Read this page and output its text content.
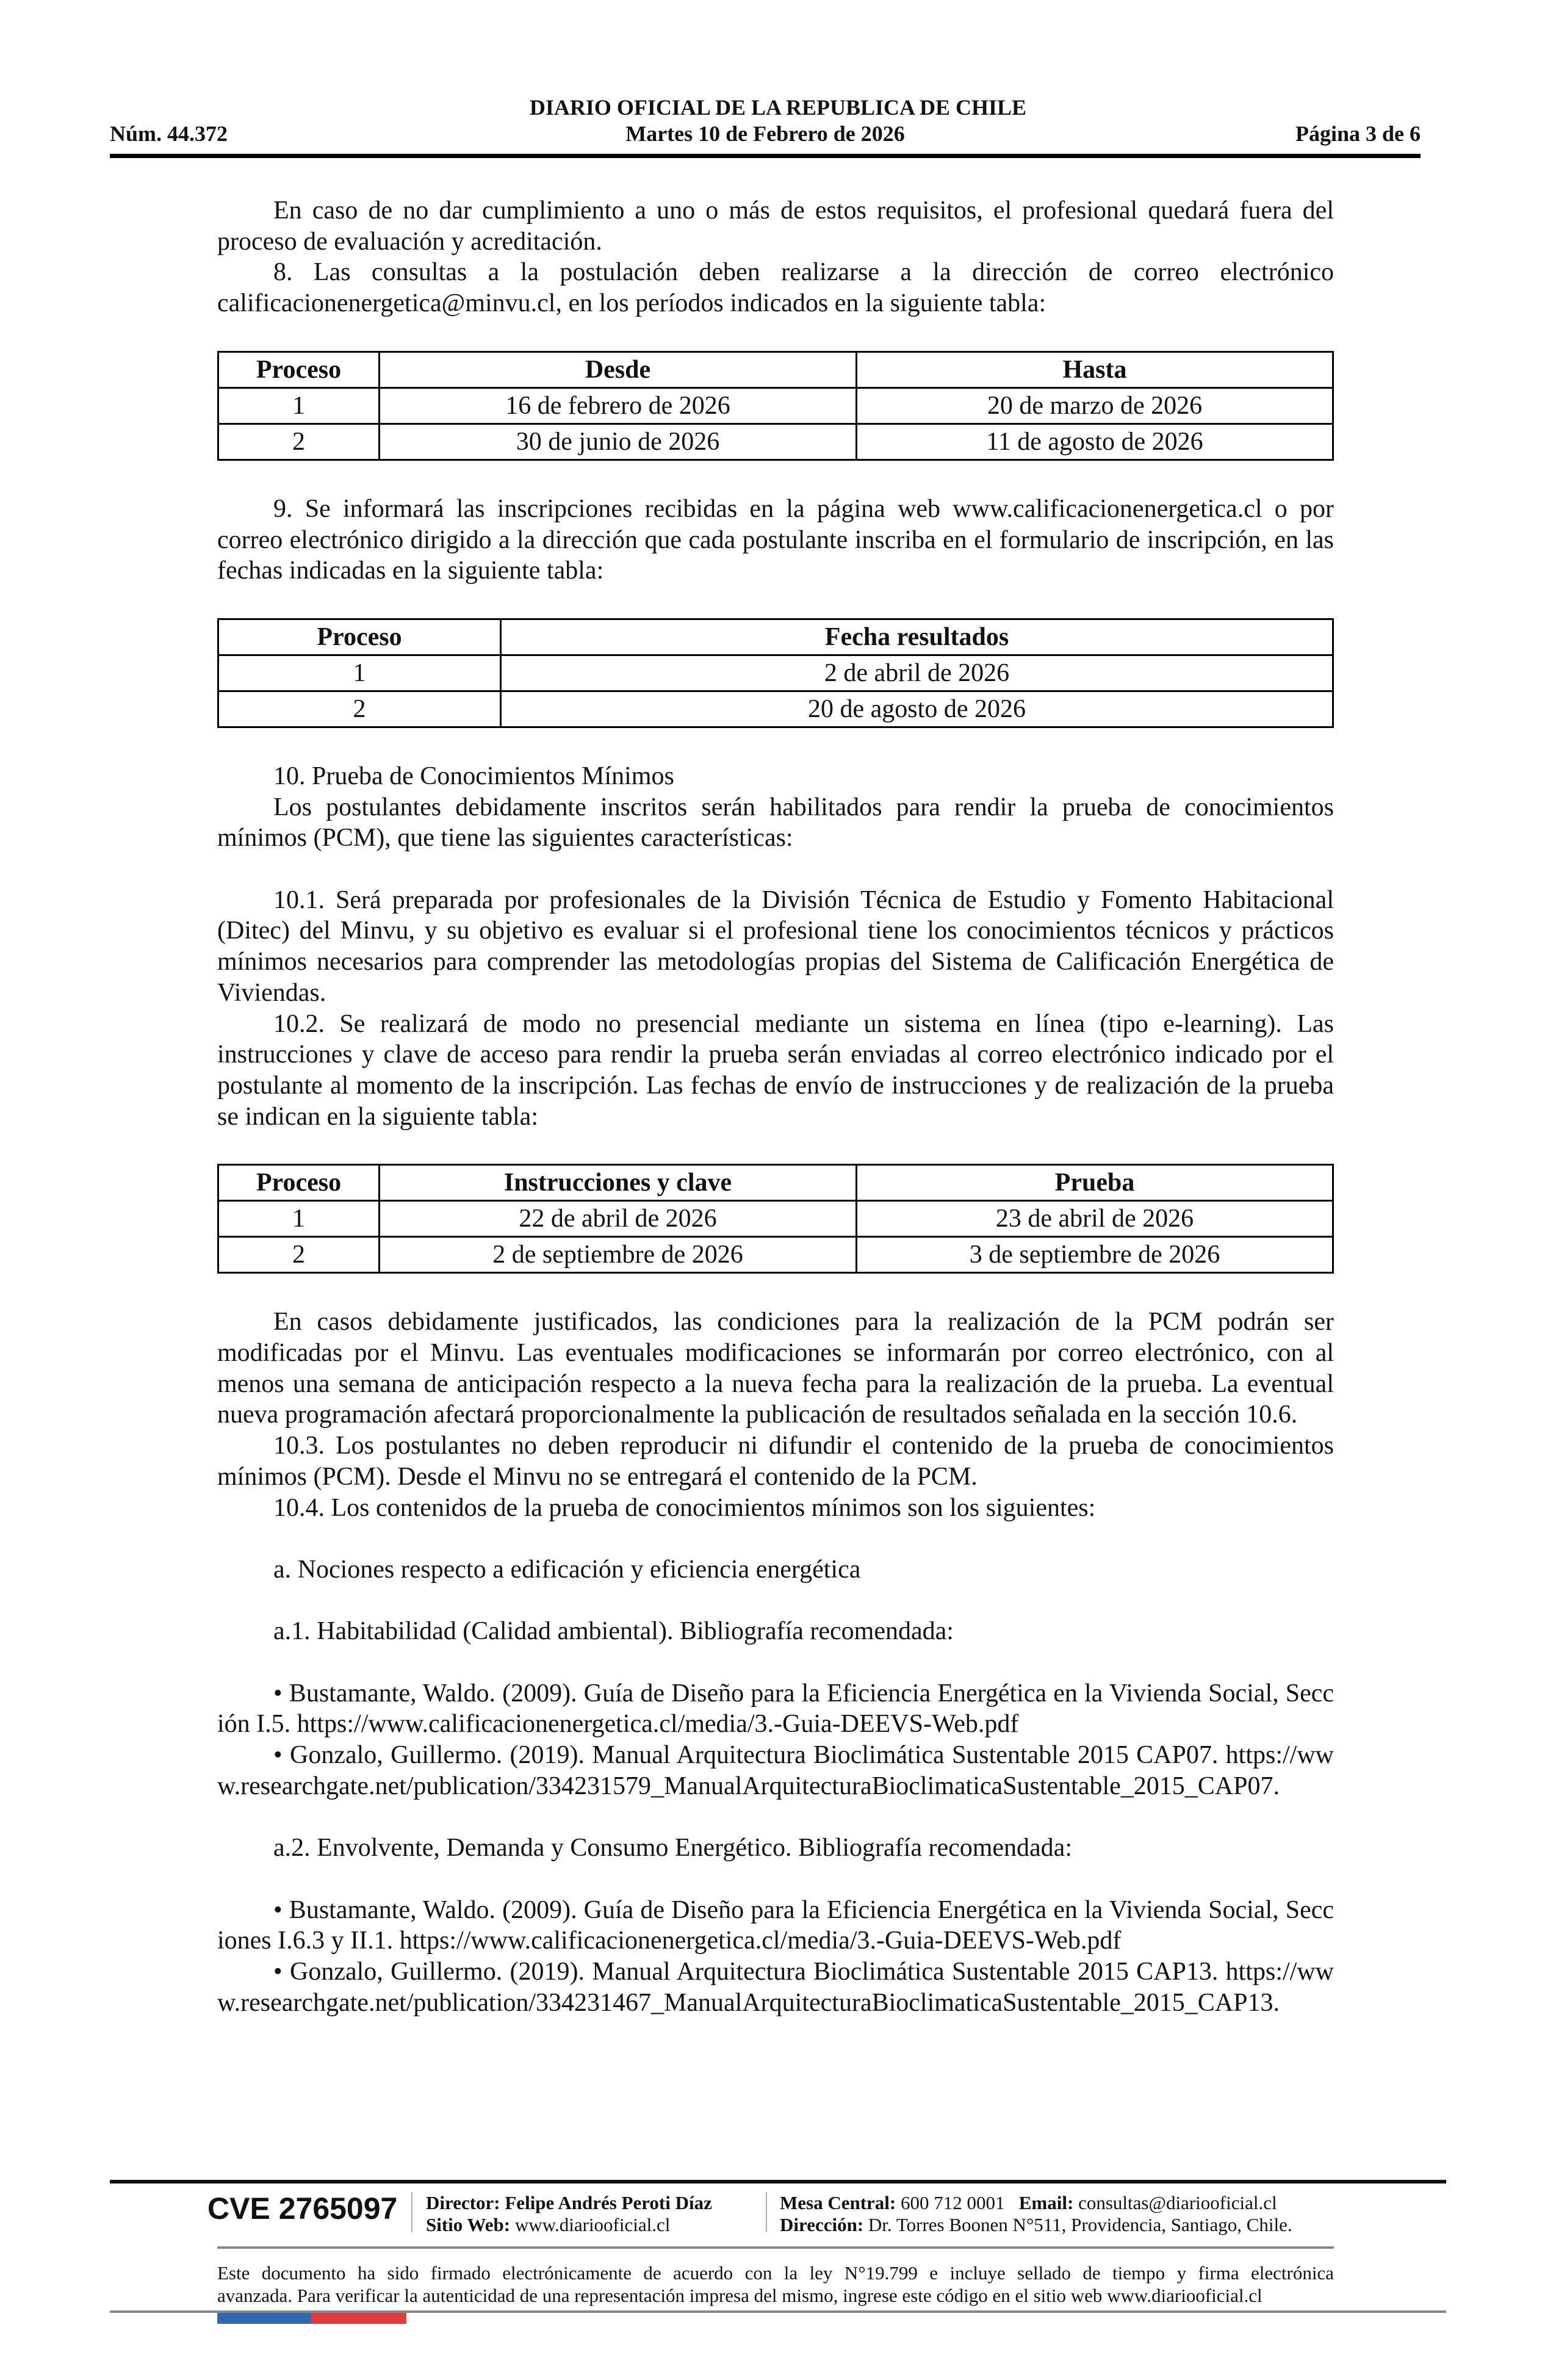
DIARIO OFICIAL DE LA REPUBLICA DE CHILE
Núm. 44.372	Martes 10 de Febrero de 2026	Página 3 de 6
En caso de no dar cumplimiento a uno o más de estos requisitos, el profesional quedará fuera del proceso de evaluación y acreditación.
8. Las consultas a la postulación deben realizarse a la dirección de correo electrónico calificacionenergetica@minvu.cl, en los períodos indicados en la siguiente tabla:
Proceso	Desde	Hasta
1	16 de febrero de 2026	20 de marzo de 2026
2	30 de junio de 2026	11 de agosto de 2026
9. Se informará las inscripciones recibidas en la página web www.calificacionenergetica.cl o por correo electrónico dirigido a la dirección que cada postulante inscriba en el formulario de inscripción, en las fechas indicadas en la siguiente tabla:
Proceso	Fecha resultados
1	2 de abril de 2026
2	20 de agosto de 2026
10. Prueba de Conocimientos Mínimos
Los postulantes debidamente inscritos serán habilitados para rendir la prueba de conocimientos mínimos (PCM), que tiene las siguientes características:
10.1. Será preparada por profesionales de la División Técnica de Estudio y Fomento Habitacional (Ditec) del Minvu, y su objetivo es evaluar si el profesional tiene los conocimientos técnicos y prácticos mínimos necesarios para comprender las metodologías propias del Sistema de Calificación Energética de Viviendas.
10.2. Se realizará de modo no presencial mediante un sistema en línea (tipo e-learning). Las instrucciones y clave de acceso para rendir la prueba serán enviadas al correo electrónico indicado por el postulante al momento de la inscripción. Las fechas de envío de instrucciones y de realización de la prueba se indican en la siguiente tabla:
Proceso	Instrucciones y clave	Prueba
1	22 de abril de 2026	23 de abril de 2026
2	2 de septiembre de 2026	3 de septiembre de 2026
En casos debidamente justificados, las condiciones para la realización de la PCM podrán ser modificadas por el Minvu. Las eventuales modificaciones se informarán por correo electrónico, con al menos una semana de anticipación respecto a la nueva fecha para la realización de la prueba. La eventual nueva programación afectará proporcionalmente la publicación de resultados señalada en la sección 10.6.
10.3. Los postulantes no deben reproducir ni difundir el contenido de la prueba de conocimientos mínimos (PCM). Desde el Minvu no se entregará el contenido de la PCM.
10.4. Los contenidos de la prueba de conocimientos mínimos son los siguientes:
a. Nociones respecto a edificación y eficiencia energética
a.1. Habitabilidad (Calidad ambiental). Bibliografía recomendada:
• Bustamante, Waldo. (2009). Guía de Diseño para la Eficiencia Energética en la Vivienda Social, Sección I.5. https://www.calificacionenergetica.cl/media/3.-Guia-DEEVS-Web.pdf
• Gonzalo, Guillermo. (2019). Manual Arquitectura Bioclimática Sustentable 2015 CAP07. https://www.researchgate.net/publication/334231579_ManualArquitecturaBioclimaticaSustentable_2015_CAP07.
a.2. Envolvente, Demanda y Consumo Energético. Bibliografía recomendada:
• Bustamante, Waldo. (2009). Guía de Diseño para la Eficiencia Energética en la Vivienda Social, Secciones I.6.3 y II.1. https://www.calificacionenergetica.cl/media/3.-Guia-DEEVS-Web.pdf
• Gonzalo, Guillermo. (2019). Manual Arquitectura Bioclimática Sustentable 2015 CAP13. https://www.researchgate.net/publication/334231467_ManualArquitecturaBioclimaticaSustentable_2015_CAP13.
CVE 2765097 Director: Felipe Andrés Peroti Díaz
Sitio Web: www.diariooficial.cl
Mesa Central: 600 712 0001 Email: consultas@diariooficial.cl
Dirección: Dr. Torres Boonen N°511, Providencia, Santiago, Chile.
Este documento ha sido firmado electrónicamente de acuerdo con la ley N°19.799 e incluye sellado de tiempo y firma electrónica
avanzada. Para verificar la autenticidad de una representación impresa del mismo, ingrese este código en el sitio web www.diariooficial.cl
